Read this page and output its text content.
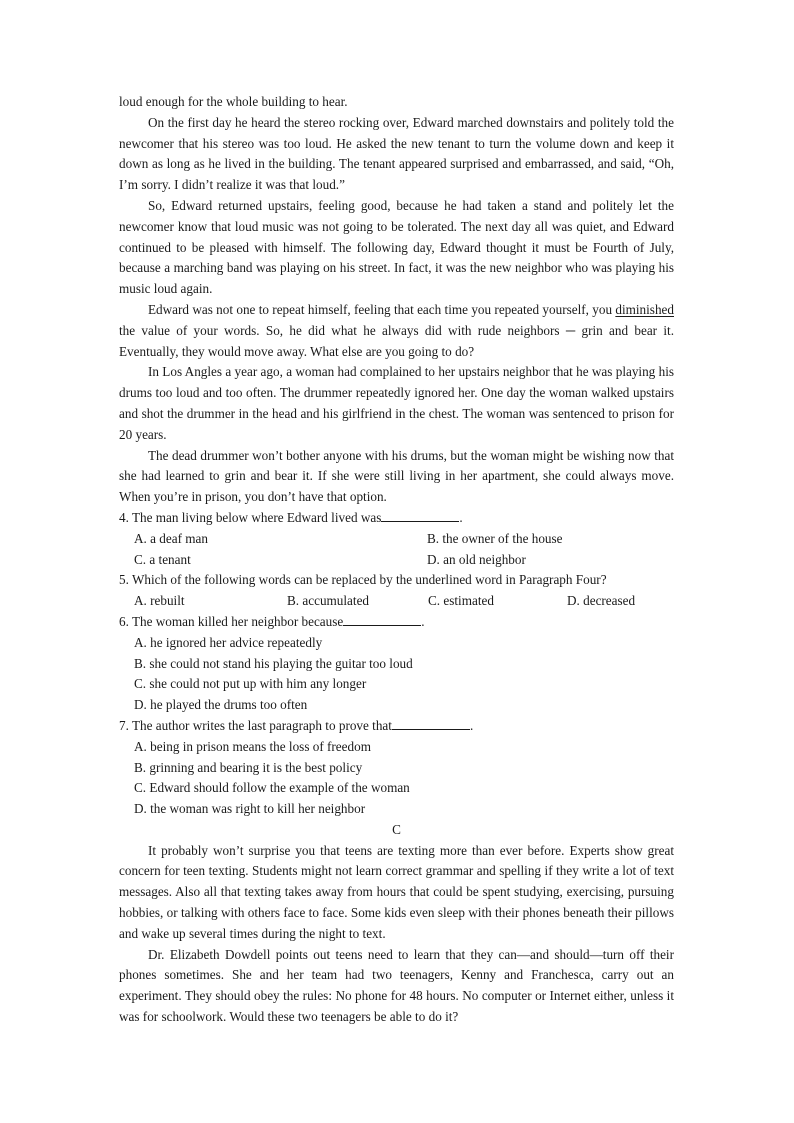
loud enough for the whole building to hear.

On the first day he heard the stereo rocking over, Edward marched downstairs and politely told the newcomer that his stereo was too loud. He asked the new tenant to turn the volume down and keep it down as long as he lived in the building. The tenant appeared surprised and embarrassed, and said, “Oh, I’m sorry. I didn’t realize it was that loud.”

So, Edward returned upstairs, feeling good, because he had taken a stand and politely let the newcomer know that loud music was not going to be tolerated. The next day all was quiet, and Edward continued to be pleased with himself. The following day, Edward thought it must be Fourth of July, because a marching band was playing on his street. In fact, it was the new neighbor who was playing his music loud again.

Edward was not one to repeat himself, feeling that each time you repeated yourself, you diminished the value of your words. So, he did what he always did with rude neighbors ─ grin and bear it. Eventually, they would move away. What else are you going to do?

In Los Angles a year ago, a woman had complained to her upstairs neighbor that he was playing his drums too loud and too often. The drummer repeatedly ignored her. One day the woman walked upstairs and shot the drummer in the head and his girlfriend in the chest. The woman was sentenced to prison for 20 years.

The dead drummer won’t bother anyone with his drums, but the woman might be wishing now that she had learned to grin and bear it. If she were still living in her apartment, she could always move. When you’re in prison, you don’t have that option.

4. The man living below where Edward lived was	.
A. a deaf man	B. the owner of the house
C. a tenant	D. an old neighbor
5. Which of the following words can be replaced by the underlined word in Paragraph Four?
A. rebuilt	B. accumulated	C. estimated	D. decreased
6. The woman killed her neighbor because	.
A. he ignored her advice repeatedly
B. she could not stand his playing the guitar too loud
C. she could not put up with him any longer
D. he played the drums too often
7. The author writes the last paragraph to prove that	.
A. being in prison means the loss of freedom
B. grinning and bearing it is the best policy
C. Edward should follow the example of the woman
D. the woman was right to kill her neighbor

C

It probably won’t surprise you that teens are texting more than ever before. Experts show great concern for teen texting. Students might not learn correct grammar and spelling if they write a lot of text messages. Also all that texting takes away from hours that could be spent studying, exercising, pursuing hobbies, or talking with others face to face. Some kids even sleep with their phones beneath their pillows and wake up several times during the night to text.

Dr. Elizabeth Dowdell points out teens need to learn that they can—and should—turn off their phones sometimes. She and her team had two teenagers, Kenny and Franchesca, carry out an experiment. They should obey the rules: No phone for 48 hours. No computer or Internet either, unless it was for schoolwork. Would these two teenagers be able to do it?
